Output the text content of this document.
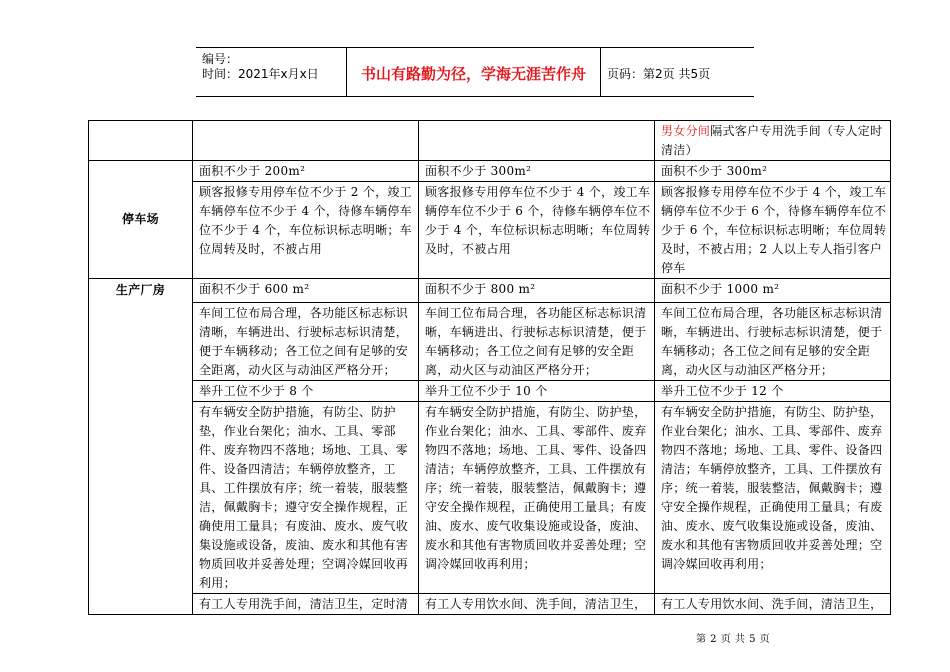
编号：
时间：2021年x月x日	书山有路勤为径，学海无涯苦作舟	页码：第2页 共5页
			男女分间隔式客户专用洗手间（专人定时清洁）

停车场	面积不少于 200m²	面积不少于 300m²	面积不少于 300m²
	顾客报修专用停车位不少于 2 个，竣工车辆停车位不少于 4 个，待修车辆停车位不少于 4 个，车位标识标志明晰；车位周转及时，不被占用	顾客报修专用停车位不少于 4 个，竣工车辆停车位不少于 6 个，待修车辆停车位不少于 4 个，车位标识标志明晰；车位周转及时，不被占用	顾客报修专用停车位不少于 4 个，竣工车辆停车位不少于 6 个，待修车辆停车位不少于 6 个，车位标识标志明晰；车位周转及时，不被占用；2 人以上专人指引客户停车

生产厂房	面积不少于 600 m²	面积不少于 800 m²	面积不少于 1000 m²
	车间工位布局合理，各功能区标志标识清晰，车辆进出、行驶标志标识清楚，便于车辆移动；各工位之间有足够的安全距离，动火区与动油区严格分开；	车间工位布局合理，各功能区标志标识清晰，车辆进出、行驶标志标识清楚，便于车辆移动；各工位之间有足够的安全距离，动火区与动油区严格分开；	车间工位布局合理，各功能区标志标识清晰，车辆进出、行驶标志标识清楚，便于车辆移动；各工位之间有足够的安全距离，动火区与动油区严格分开；
	举升工位不少于 8 个	举升工位不少于 10 个	举升工位不少于 12 个
	有车辆安全防护措施，有防尘、防护垫，作业台架化；油水、工具、零部件、废弃物四不落地；场地、工具、零件、设备四清洁；车辆停放整齐，工具、工件摆放有序；统一着装，服装整洁，佩戴胸卡；遵守安全操作规程，正确使用工量具；有废油、废水、废气收集设施或设备，废油、废水和其他有害物质回收并妥善处理；空调冷媒回收再利用；	有车辆安全防护措施，有防尘、防护垫，作业台架化；油水、工具、零部件、废弃物四不落地；场地、工具、零件、设备四清洁；车辆停放整齐，工具、工件摆放有序；统一着装，服装整洁，佩戴胸卡；遵守安全操作规程，正确使用工量具；有废油、废水、废气收集设施或设备，废油、废水和其他有害物质回收并妥善处理；空调冷媒回收再利用；	有车辆安全防护措施，有防尘、防护垫，作业台架化；油水、工具、零部件、废弃物四不落地；场地、工具、零件、设备四清洁；车辆停放整齐，工具、工件摆放有序；统一着装，服装整洁，佩戴胸卡；遵守安全操作规程，正确使用工量具；有废油、废水、废气收集设施或设备，废油、废水和其他有害物质回收并妥善处理；空调冷媒回收再利用；
	有工人专用洗手间，清洁卫生，定时清	有工人专用饮水间、洗手间，清洁卫生，	有工人专用饮水间、洗手间，清洁卫生，
第 2 页 共 5 页
